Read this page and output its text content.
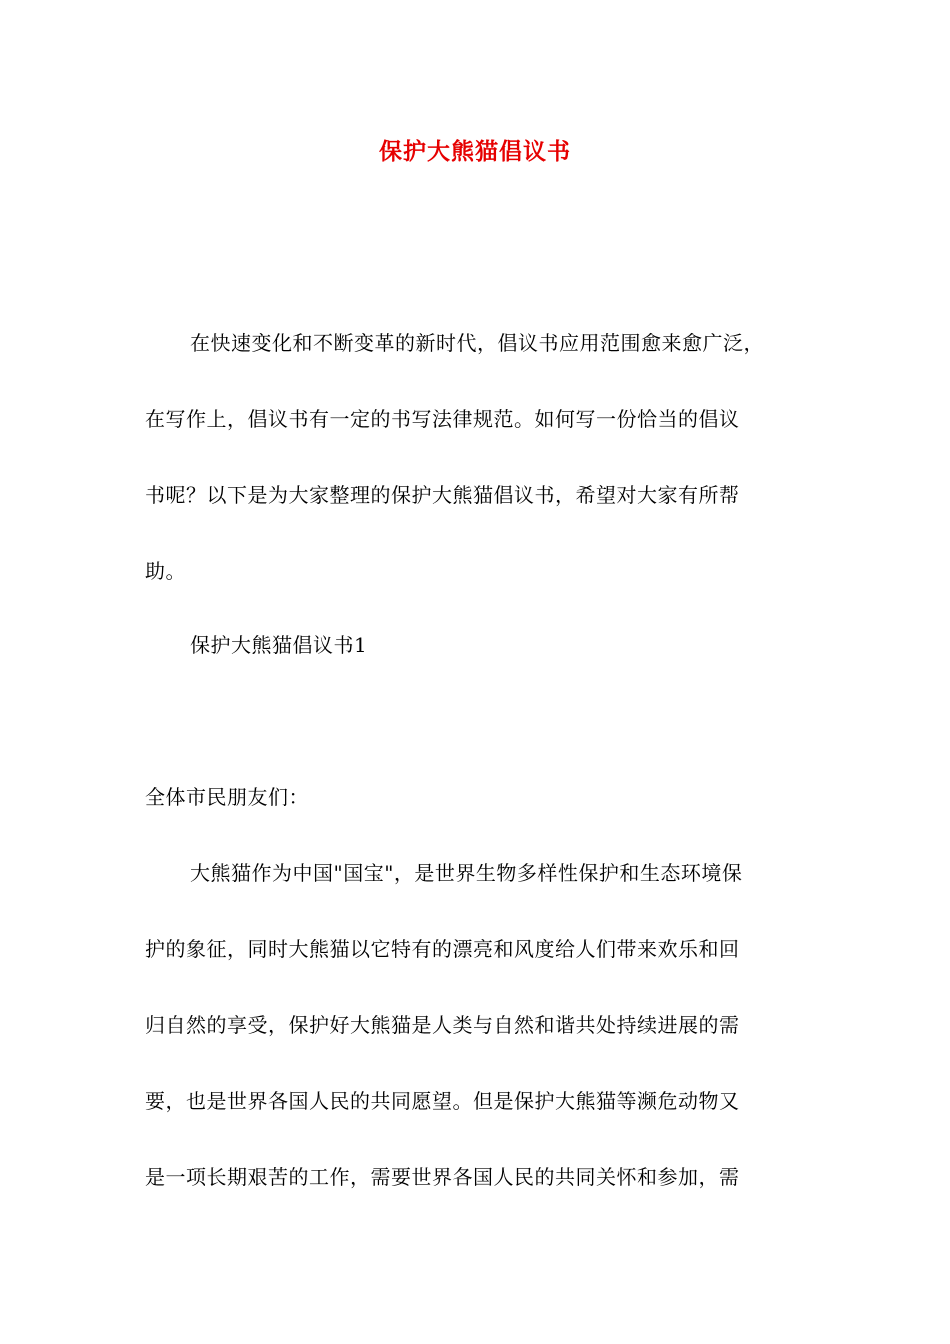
保护大熊猫倡议书
在快速变化和不断变革的新时代，倡议书应用范围愈来愈广泛，
在写作上，倡议书有一定的书写法律规范。如何写一份恰当的倡议
书呢？以下是为大家整理的保护大熊猫倡议书，希望对大家有所帮
助。
保护大熊猫倡议书1
全体市民朋友们：
大熊猫作为中国"国宝"，是世界生物多样性保护和生态环境保
护的象征，同时大熊猫以它特有的漂亮和风度给人们带来欢乐和回
归自然的享受，保护好大熊猫是人类与自然和谐共处持续进展的需
要，也是世界各国人民的共同愿望。但是保护大熊猫等濒危动物又
是一项长期艰苦的工作，需要世界各国人民的共同关怀和参加，需
